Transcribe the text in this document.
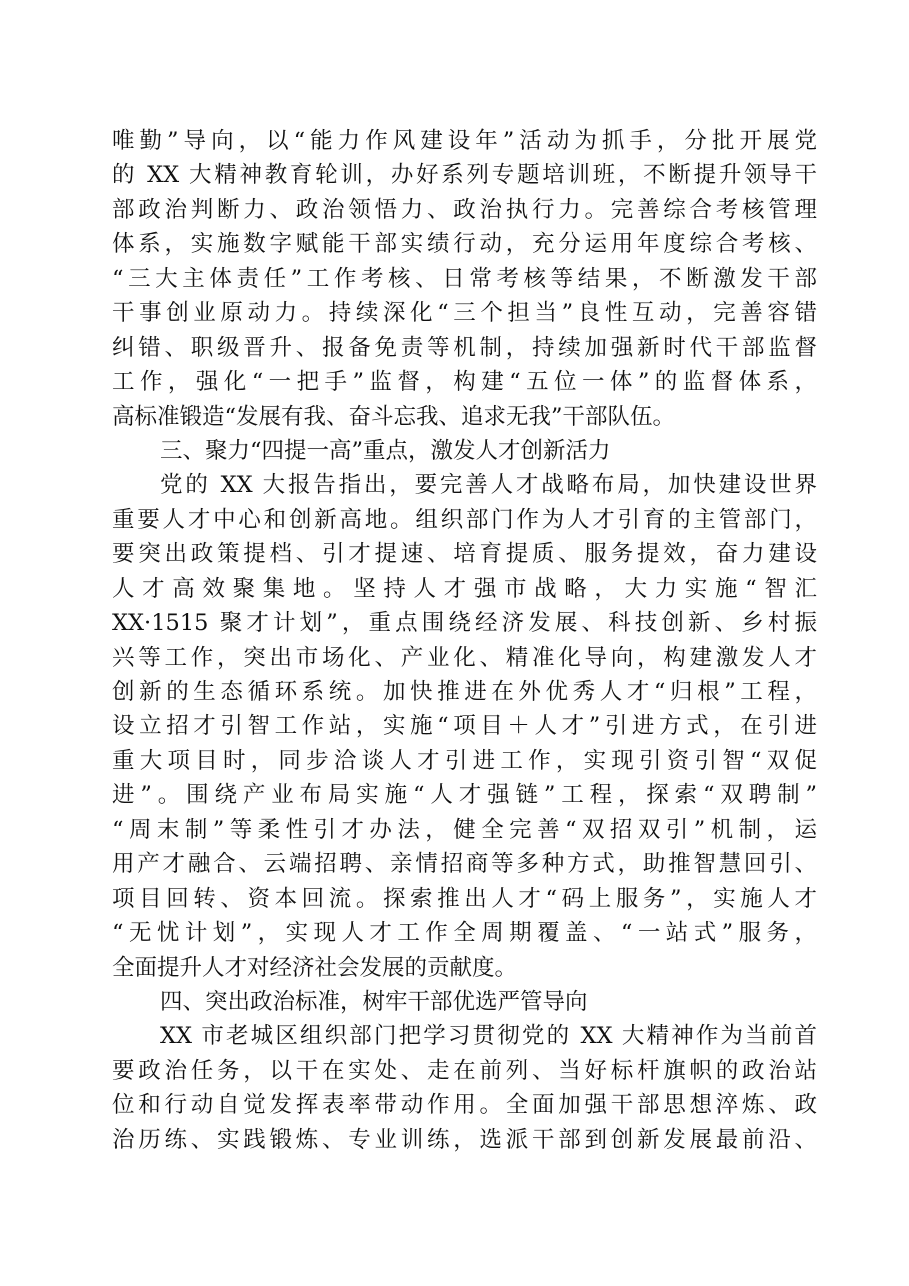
唯勤”导向，以“能力作风建设年”活动为抓手，分批开展党
的 XX 大精神教育轮训，办好系列专题培训班，不断提升领导干
部政治判断力、政治领悟力、政治执行力。完善综合考核管理
体系，实施数字赋能干部实绩行动，充分运用年度综合考核、
“三大主体责任”工作考核、日常考核等结果，不断激发干部
干事创业原动力。持续深化“三个担当”良性互动，完善容错
纠错、职级晋升、报备免责等机制，持续加强新时代干部监督
工作，强化“一把手”监督，构建“五位一体”的监督体系，
高标准锻造“发展有我、奋斗忘我、追求无我”干部队伍。
三、聚力“四提一高”重点，激发人才创新活力
党的 XX 大报告指出，要完善人才战略布局，加快建设世界
重要人才中心和创新高地。组织部门作为人才引育的主管部门，
要突出政策提档、引才提速、培育提质、服务提效，奋力建设
人才高效聚集地。坚持人才强市战略，大力实施“智汇
XX·1515 聚才计划”，重点围绕经济发展、科技创新、乡村振
兴等工作，突出市场化、产业化、精准化导向，构建激发人才
创新的生态循环系统。加快推进在外优秀人才“归根”工程，
设立招才引智工作站，实施“项目＋人才”引进方式，在引进
重大项目时，同步洽谈人才引进工作，实现引资引智“双促
进”。围绕产业布局实施“人才强链”工程，探索“双聘制”
“周末制”等柔性引才办法，健全完善“双招双引”机制，运
用产才融合、云端招聘、亲情招商等多种方式，助推智慧回引、
项目回转、资本回流。探索推出人才“码上服务”，实施人才
“无忧计划”，实现人才工作全周期覆盖、“一站式”服务，
全面提升人才对经济社会发展的贡献度。
四、突出政治标准，树牢干部优选严管导向
XX 市老城区组织部门把学习贯彻党的 XX 大精神作为当前首
要政治任务，以干在实处、走在前列、当好标杆旗帜的政治站
位和行动自觉发挥表率带动作用。全面加强干部思想淬炼、政
治历练、实践锻炼、专业训练，选派干部到创新发展最前沿、
